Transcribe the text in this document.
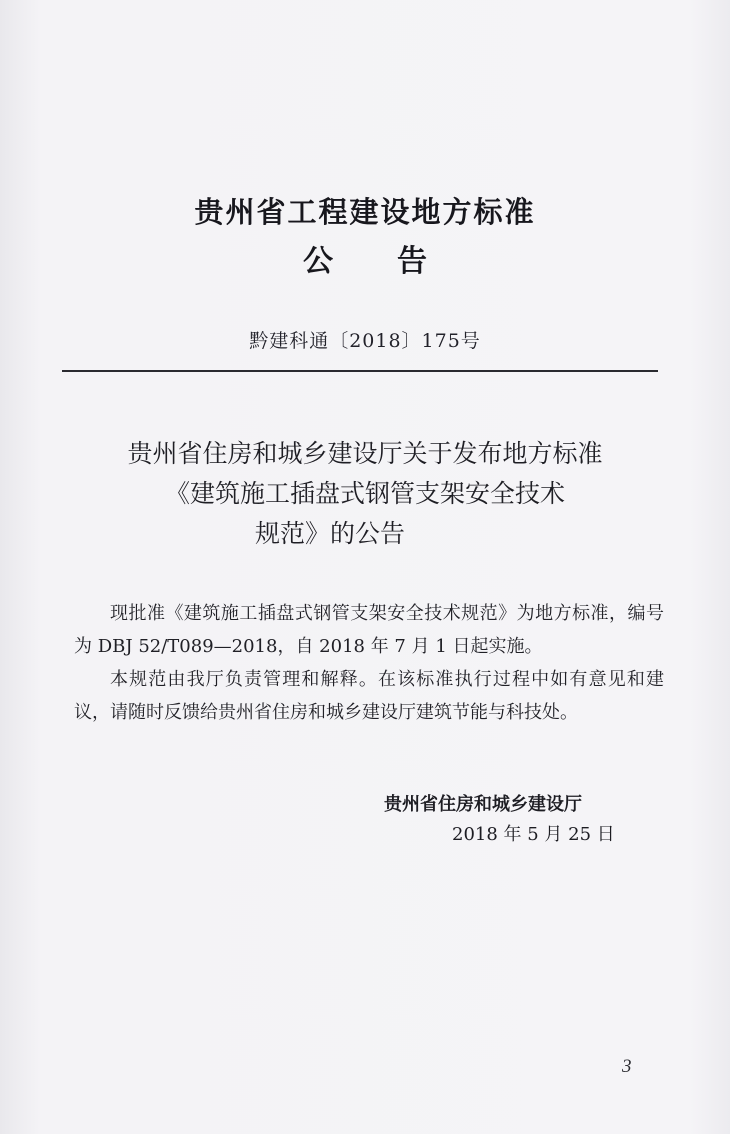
贵州省工程建设地方标准
公告
黔建科通〔2018〕175号
贵州省住房和城乡建设厅关于发布地方标准
《建筑施工插盘式钢管支架安全技术
规范》的公告

现批准《建筑施工插盘式钢管支架安全技术规范》为地方标准，编号为 DBJ 52/T089—2018，自 2018 年 7 月 1 日起实施。

本规范由我厅负责管理和解释。在该标准执行过程中如有意见和建议，请随时反馈给贵州省住房和城乡建设厅建筑节能与科技处。

贵州省住房和城乡建设厅
2018 年 5 月 25 日
3
